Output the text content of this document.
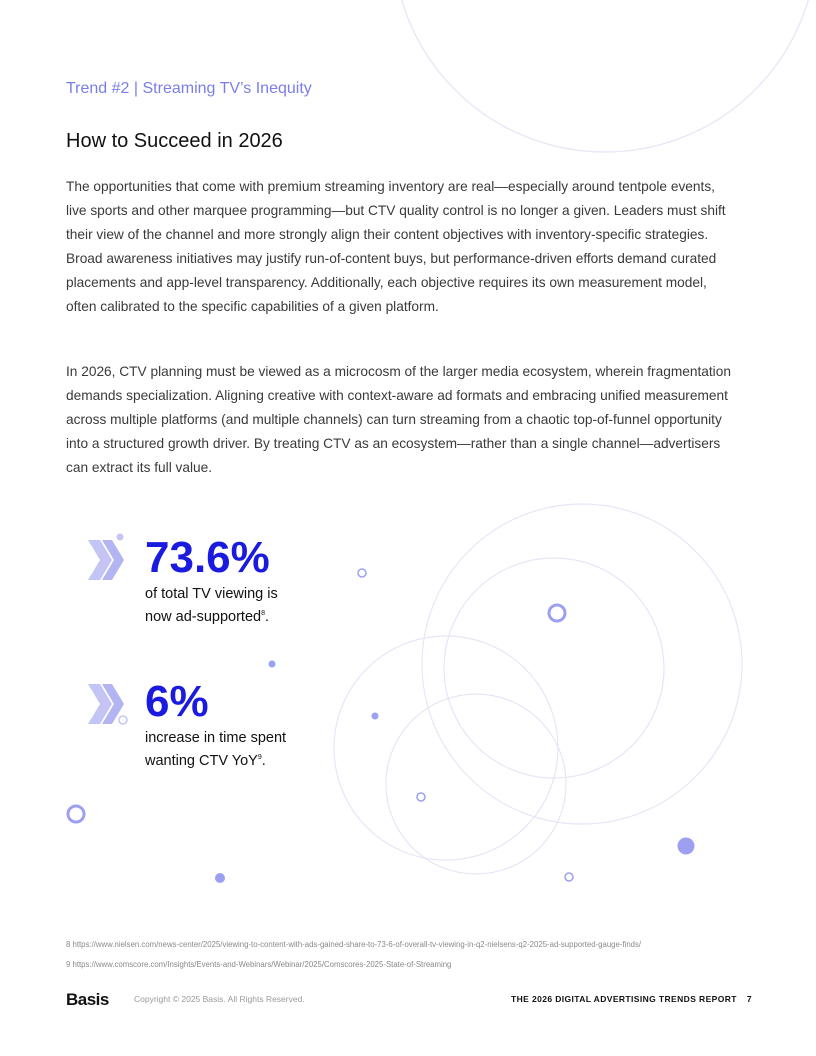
Trend #2 | Streaming TV’s Inequity
How to Succeed in 2026

The opportunities that come with premium streaming inventory are real—especially around tentpole events, live sports and other marquee programming—but CTV quality control is no longer a given. Leaders must shift their view of the channel and more strongly align their content objectives with inventory-specific strategies. Broad awareness initiatives may justify run-of-content buys, but performance-driven efforts demand curated placements and app-level transparency. Additionally, each objective requires its own measurement model, often calibrated to the specific capabilities of a given platform.

In 2026, CTV planning must be viewed as a microcosm of the larger media ecosystem, wherein fragmentation demands specialization. Aligning creative with context-aware ad formats and embracing unified measurement across multiple platforms (and multiple channels) can turn streaming from a chaotic top-of-funnel opportunity into a structured growth driver. By treating CTV as an ecosystem—rather than a single channel—advertisers can extract its full value.

73.6%
of total TV viewing is
now ad-supported$^8$.
6%
increase in time spent
wanting CTV YoY$^9$.

8 https://www.nielsen.com/news-center/2025/viewing-to-content-with-ads-gained-share-to-73-6-of-overall-tv-viewing-in-q2-nielsens-q2-2025-ad-supported-gauge-finds/

9 https://www.comscore.com/Insights/Events-and-Webinars/Webinar/2025/Comscores-2025-State-of-Streaming

Basis	Copyright © 2025 Basis. All Rights Reserved.	THE 2026 DIGITAL ADVERTISING TRENDS REPORT 7
